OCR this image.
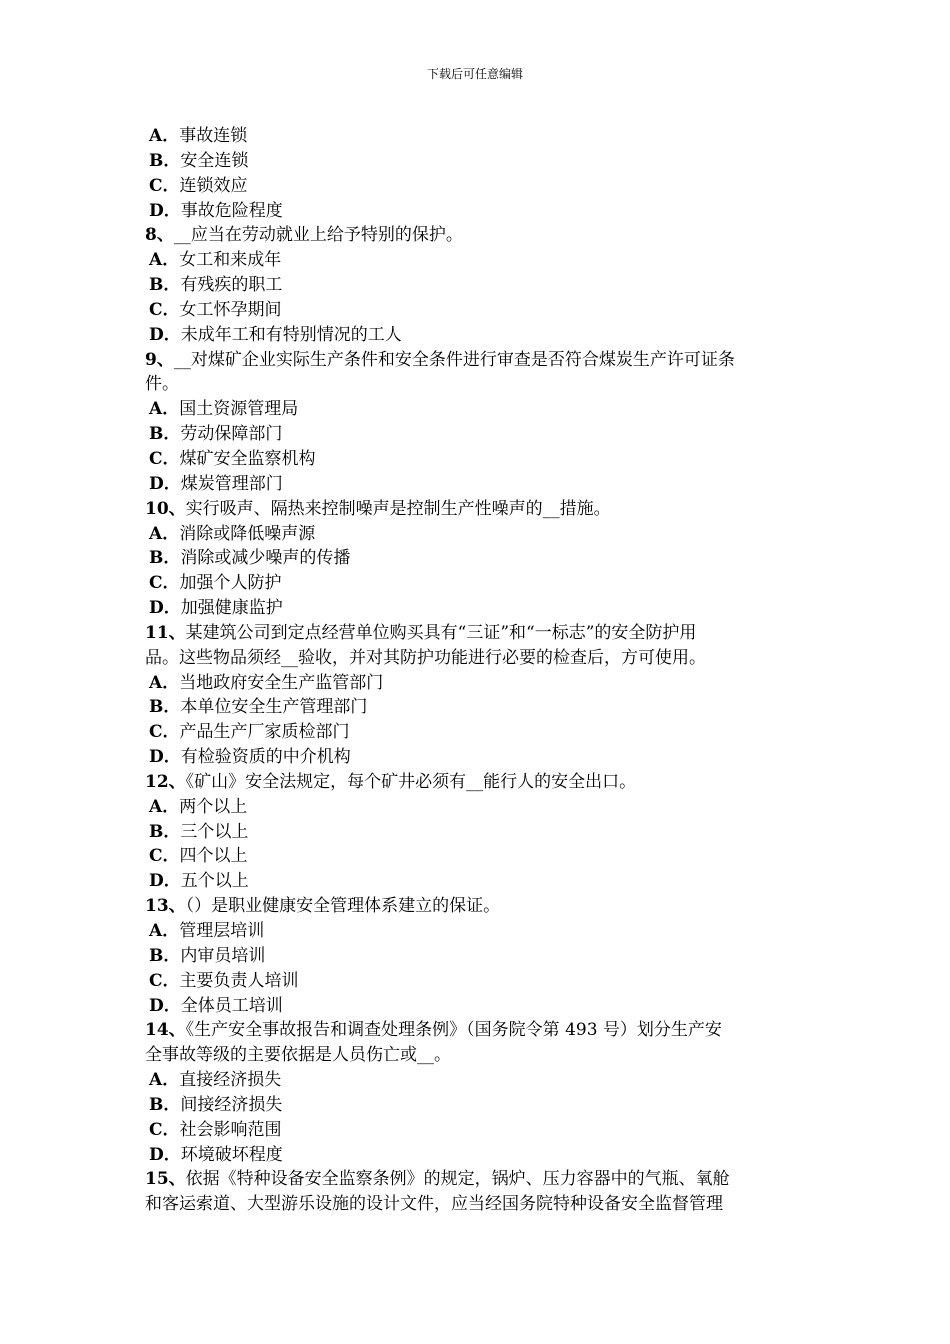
下载后可任意编辑
A．事故连锁
B．安全连锁
C．连锁效应
D．事故危险程度
8、__应当在劳动就业上给予特别的保护。
A．女工和来成年
B．有残疾的职工
C．女工怀孕期间
D．未成年工和有特别情况的工人
9、__对煤矿企业实际生产条件和安全条件进行审查是否符合煤炭生产许可证条
件。
A．国土资源管理局
B．劳动保障部门
C．煤矿安全监察机构
D．煤炭管理部门
10、实行吸声、隔热来控制噪声是控制生产性噪声的__措施。
A．消除或降低噪声源
B．消除或减少噪声的传播
C．加强个人防护
D．加强健康监护
11、某建筑公司到定点经营单位购买具有“三证”和“一标志”的安全防护用
品。这些物品须经__验收，并对其防护功能进行必要的检查后，方可使用。
A．当地政府安全生产监管部门
B．本单位安全生产管理部门
C．产品生产厂家质检部门
D．有检验资质的中介机构
12、《矿山》安全法规定，每个矿井必须有__能行人的安全出口。
A．两个以上
B．三个以上
C．四个以上
D．五个以上
13、（）是职业健康安全管理体系建立的保证。
A．管理层培训
B．内审员培训
C．主要负责人培训
D．全体员工培训
14、《生产安全事故报告和调查处理条例》（国务院令第 493 号）划分生产安
全事故等级的主要依据是人员伤亡或__。
A．直接经济损失
B．间接经济损失
C．社会影响范围
D．环境破坏程度
15、依据《特种设备安全监察条例》的规定，锅炉、压力容器中的气瓶、氧舱
和客运索道、大型游乐设施的设计文件，应当经国务院特种设备安全监督管理
